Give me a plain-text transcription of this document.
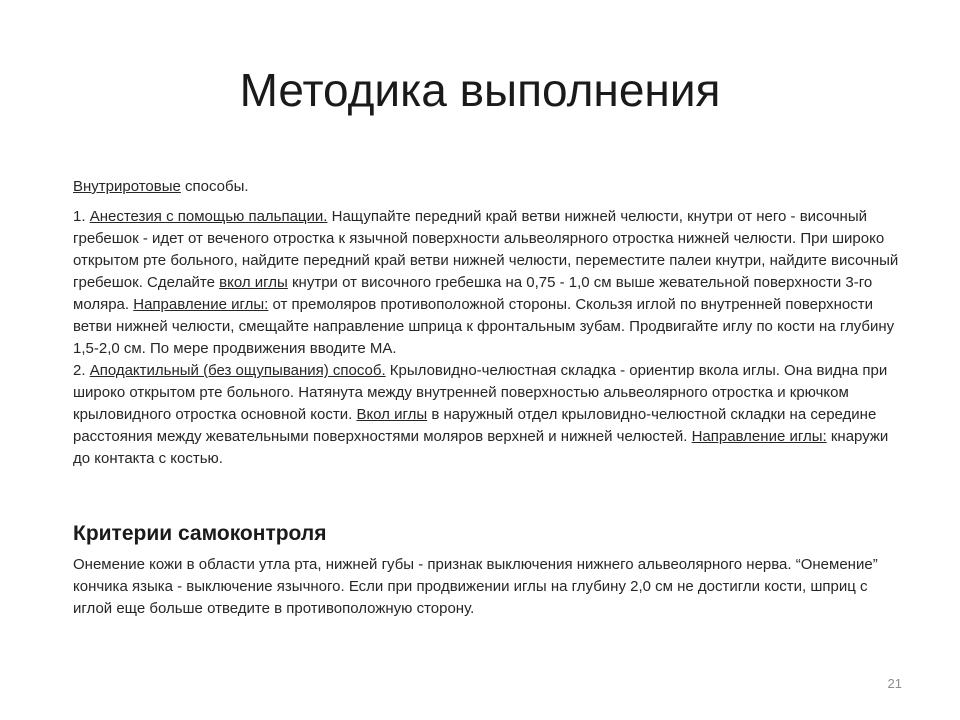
Методика выполнения

Внутриротовые способы.

1. Анестезия с помощью пальпации. Нащупайте передний край ветви нижней челюсти, кнутри от него - височный гребешок - идет от веченого отростка к язычной поверхности альвеолярного отростка нижней челюсти. При широко открытом рте больного, найдите передний край ветви нижней челюсти, переместите палеи кнутри, найдите височный гребешок. Сделайте вкол иглы кнутри от височного гребешка на 0,75 - 1,0 см выше жевательной поверхности 3-го моляра. Направление иглы: от премоляров противоположной стороны. Скользя иглой по внутренней поверхности ветви нижней челюсти, смещайте направление шприца к фронтальным зубам. Продвигайте иглу по кости на глубину 1,5-2,0 см. По мере продвижения вводите МА.

2. Аподактильный (без ощупывания) способ. Крыловидно-челюстная складка - ориентир вкола иглы. Она видна при широко открытом рте больного. Натянута между внутренней поверхностью альвеолярного отростка и крючком крыловидного отростка основной кости. Вкол иглы в наружный отдел крыловидно-челюстной складки на середине расстояния между жевательными поверхностями моляров верхней и нижней челюстей. Направление иглы: кнаружи до контакта с костью.

Критерии самоконтроля

Онемение кожи в области утла рта, нижней губы - признак выключения нижнего альвеолярного нерва. “Онемение” кончика языка - выключение язычного. Если при продвижении иглы на глубину 2,0 см не достигли кости, шприц с иглой еще больше отведите в противоположную сторону.

21
